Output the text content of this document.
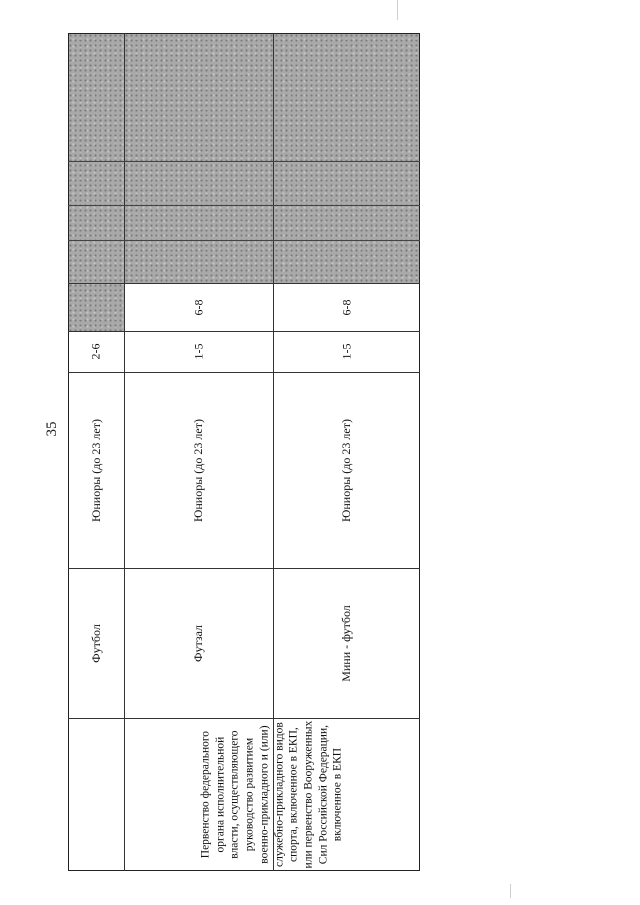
35
Первенство федерального органа исполнительной власти, осуществляющего руководство развитием военно-прикладного и (или) служебно-прикладного видов спорта, включенное в ЕКП, или первенство Вооруженных Сил Российской Федерации, включенное в ЕКП
Футбол
Юниоры (до 23 лет)
2-6
Футзал
Юниоры (до 23 лет)
1-5
6-8
Мини - футбол
Юниоры (до 23 лет)
1-5
6-8
